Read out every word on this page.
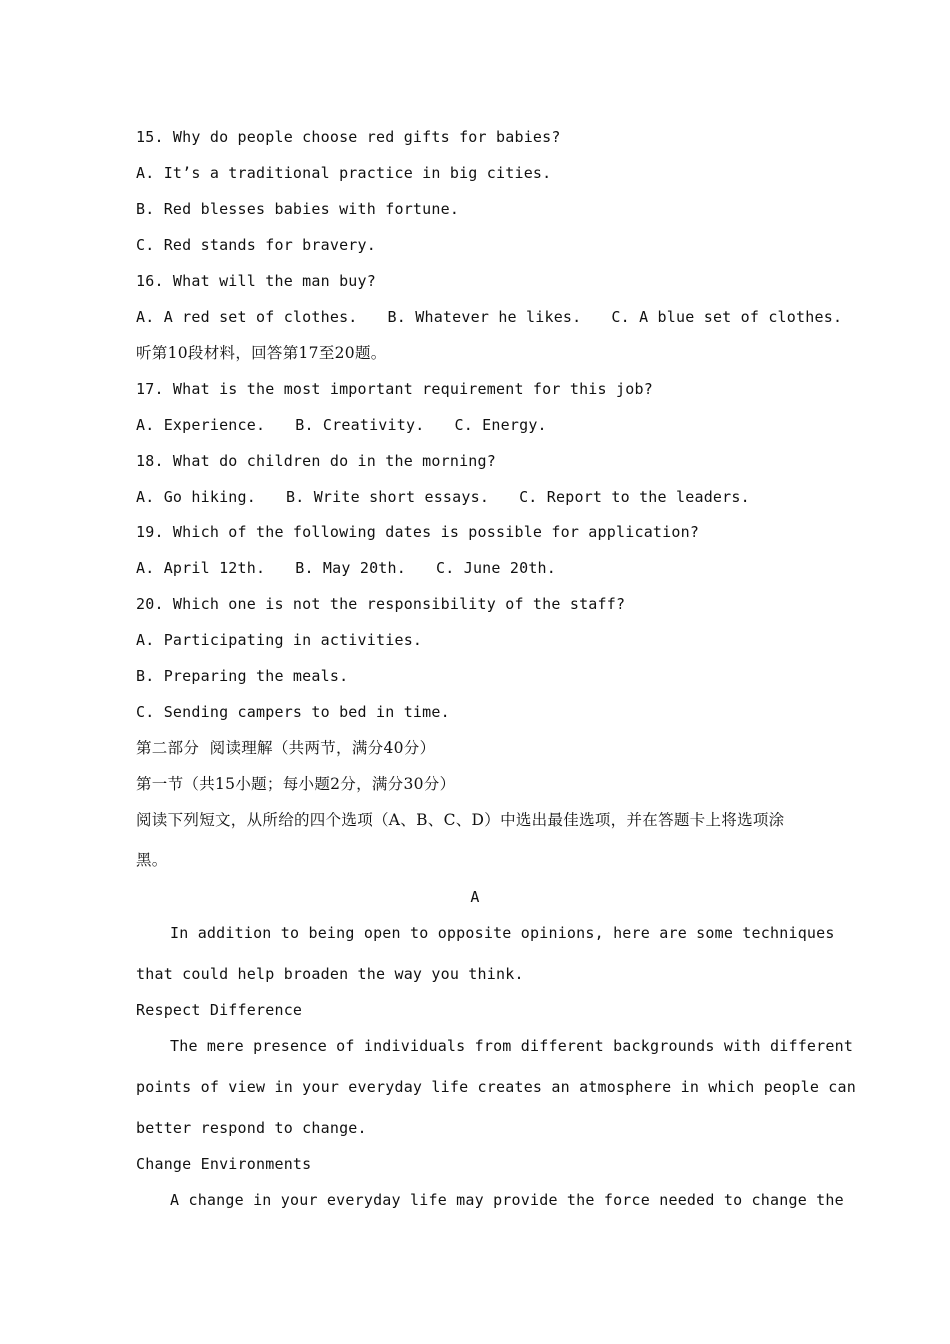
15. Why do people choose red gifts for babies?
A. It’s a traditional practice in big cities.
B. Red blesses babies with fortune.
C. Red stands for bravery.
16. What will the man buy?
A. A red set of clothes. B. Whatever he likes. C. A blue set of clothes.
听第10段材料，回答第17至20题。
17. What is the most important requirement for this job?
A. Experience. B. Creativity. C. Energy.
18. What do children do in the morning?
A. Go hiking. B. Write short essays. C. Report to the leaders.
19. Which of the following dates is possible for application?
A. April 12th. B. May 20th. C. June 20th.
20. Which one is not the responsibility of the staff?
A. Participating in activities.
B. Preparing the meals.
C. Sending campers to bed in time.
第二部分  阅读理解（共两节，满分40分）
第一节（共15小题；每小题2分，满分30分）
阅读下列短文，从所给的四个选项（A、B、C、D）中选出最佳选项，并在答题卡上将选项涂
黑。
A
In addition to being open to opposite opinions, here are some techniques
that could help broaden the way you think.
Respect Difference
The mere presence of individuals from different backgrounds with different
points of view in your everyday life creates an atmosphere in which people can
better respond to change.
Change Environments
A change in your everyday life may provide the force needed to change the
